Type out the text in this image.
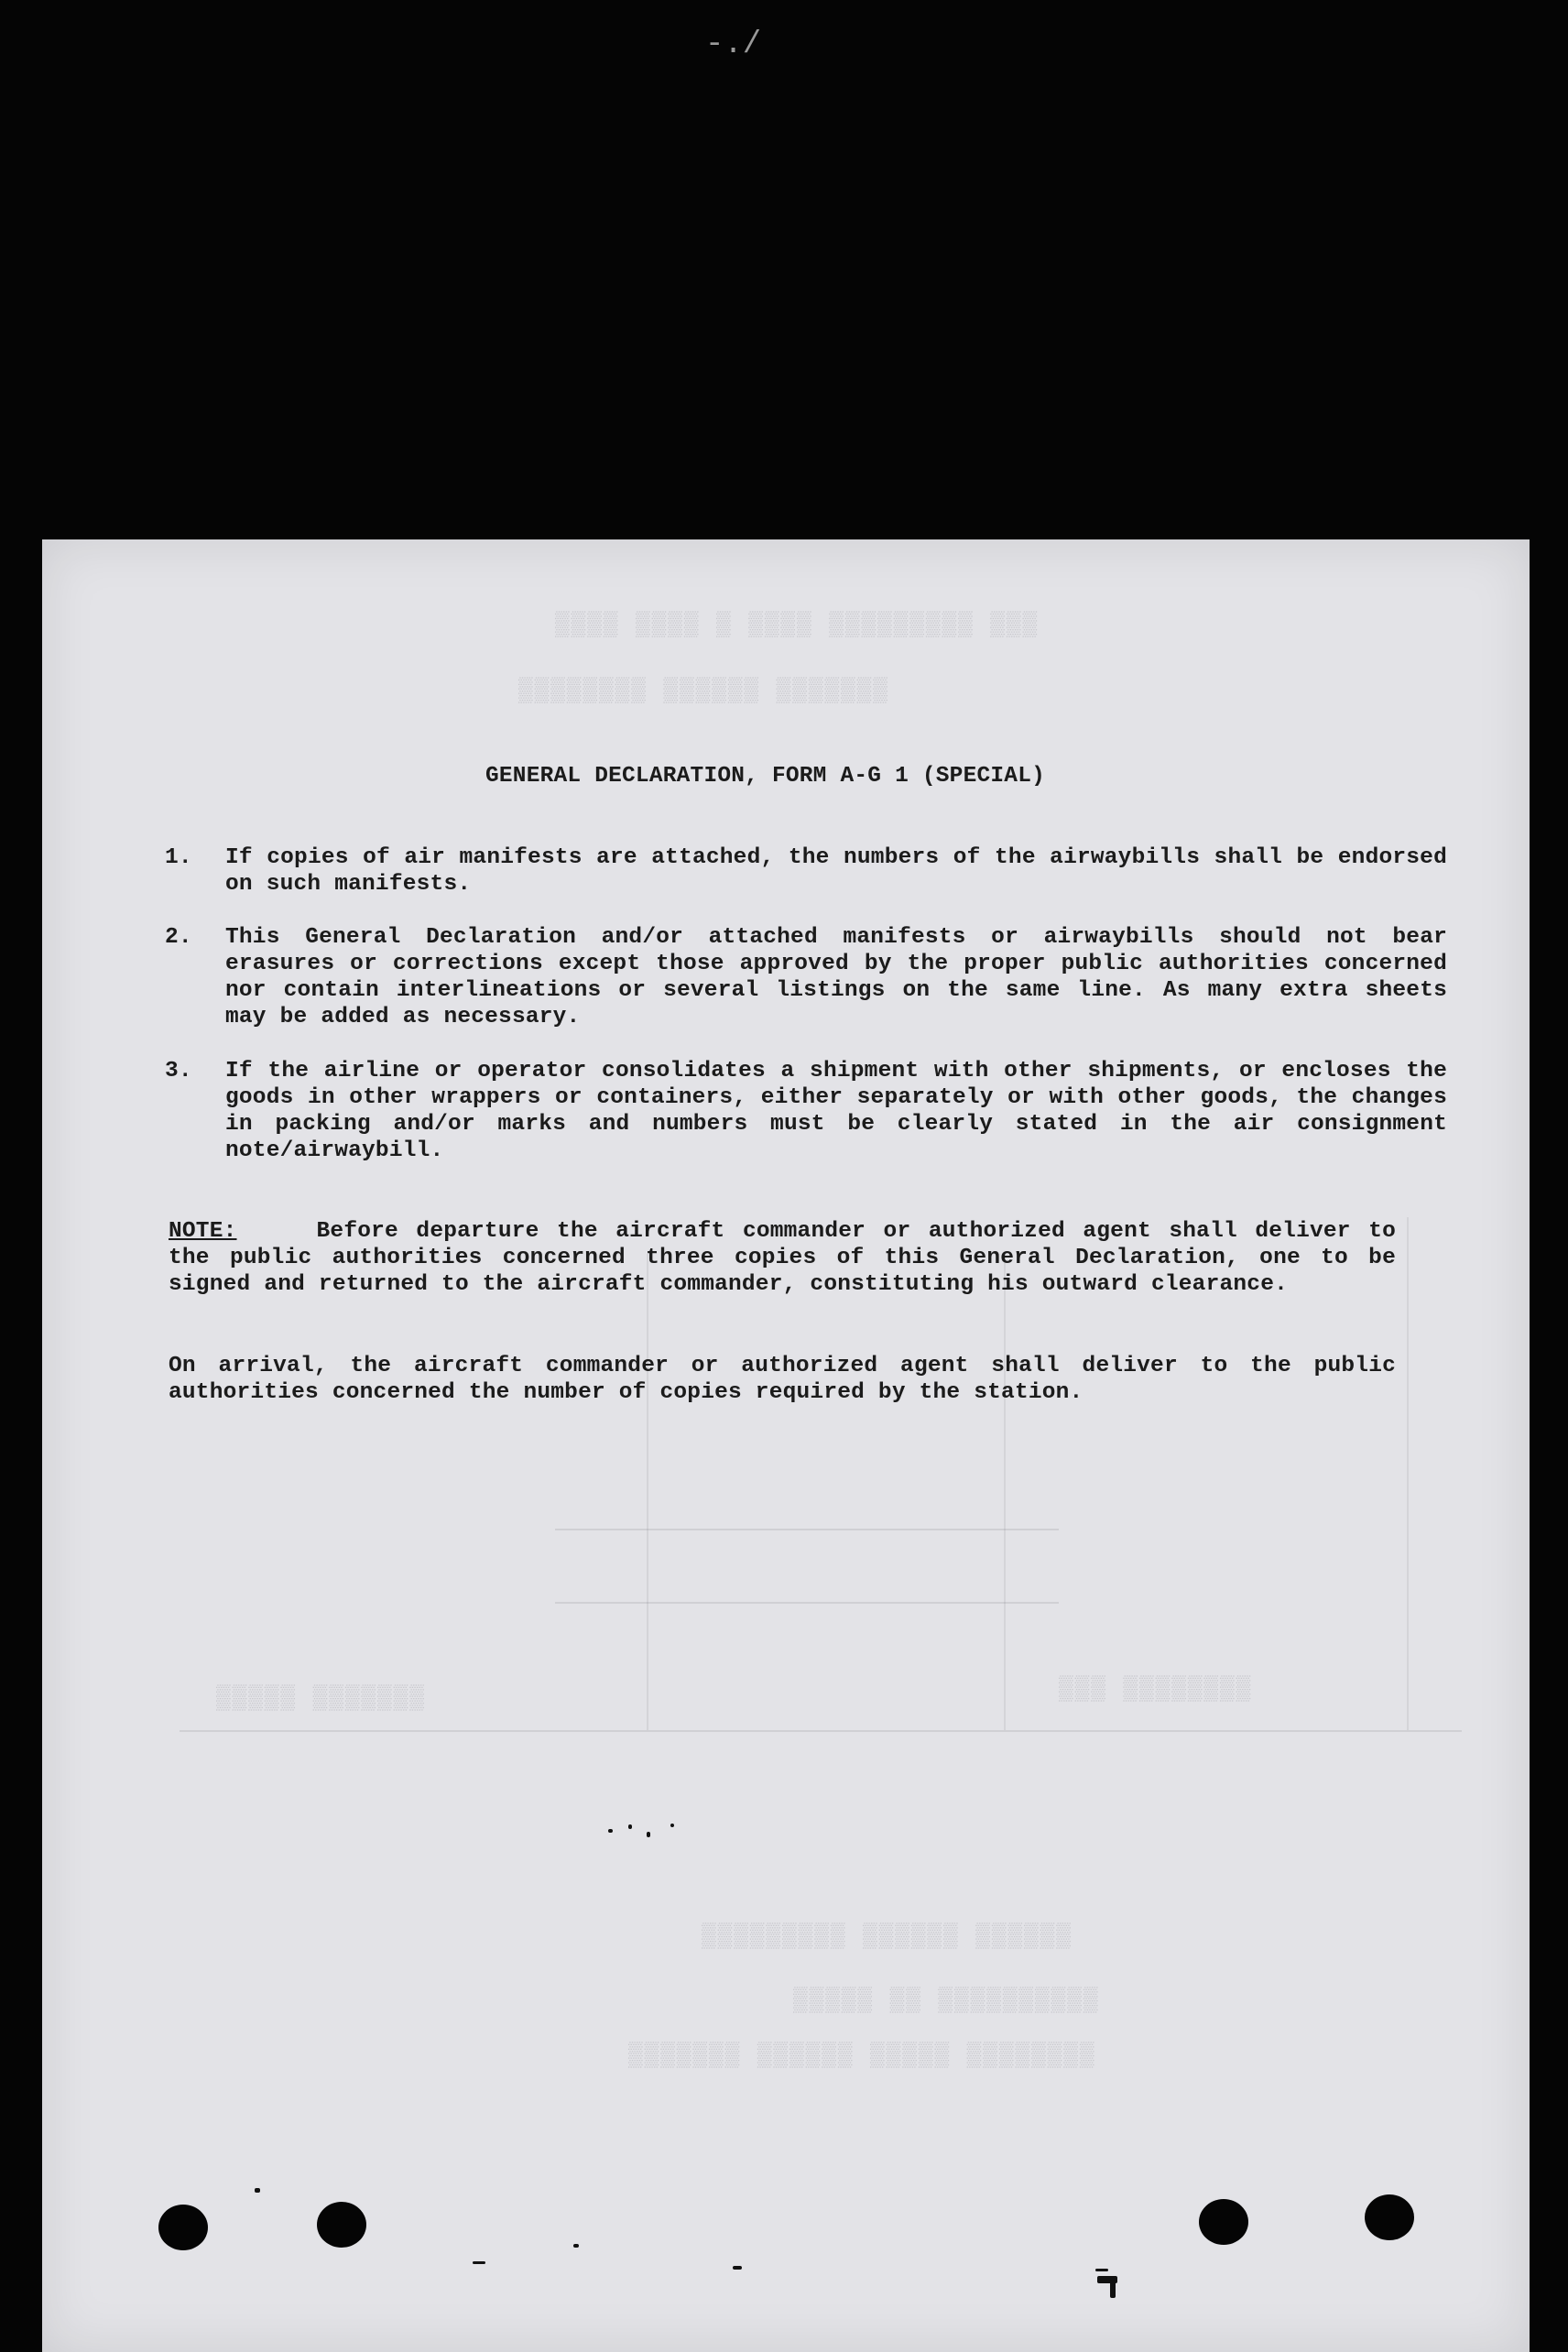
-./
▒▒▒▒ ▒▒▒▒ ▒ ▒▒▒▒ ▒▒▒▒▒▒▒▒▒ ▒▒▒
▒▒▒▒▒▒▒▒ ▒▒▒▒▒▒ ▒▒▒▒▒▒▒
▒▒▒▒▒▒▒▒▒ ▒▒▒▒▒▒ ▒▒▒▒▒▒
▒▒▒▒▒ ▒▒ ▒▒▒▒▒▒▒▒▒▒
▒▒▒▒▒▒▒ ▒▒▒▒▒▒ ▒▒▒▒▒ ▒▒▒▒▒▒▒▒
▒▒▒ ▒▒▒▒▒▒▒▒
▒▒▒▒▒ ▒▒▒▒▒▒▒
GENERAL DECLARATION, FORM A-G 1 (SPECIAL)
1.	If copies of air manifests are attached, the numbers of the airwaybills shall be endorsed on such manifests.
2.	This General Declaration and/or attached manifests or airwaybills should not bear erasures or corrections except those approved by the proper public authorities concerned nor contain interlineations or several listings on the same line. As many extra sheets may be added as necessary.
3.	If the airline or operator consolidates a shipment with other shipments, or encloses the goods in other wrappers or containers, either separately or with other goods, the changes in packing and/or marks and numbers must be clearly stated in the air consignment note/airwaybill.
NOTE:	Before departure the aircraft commander or authorized agent shall deliver to the public authorities concerned three copies of this General Declaration, one to be signed and returned to the aircraft commander, constituting his outward clearance.
On arrival, the aircraft commander or authorized agent shall deliver to the public authorities concerned the number of copies required by the station.
